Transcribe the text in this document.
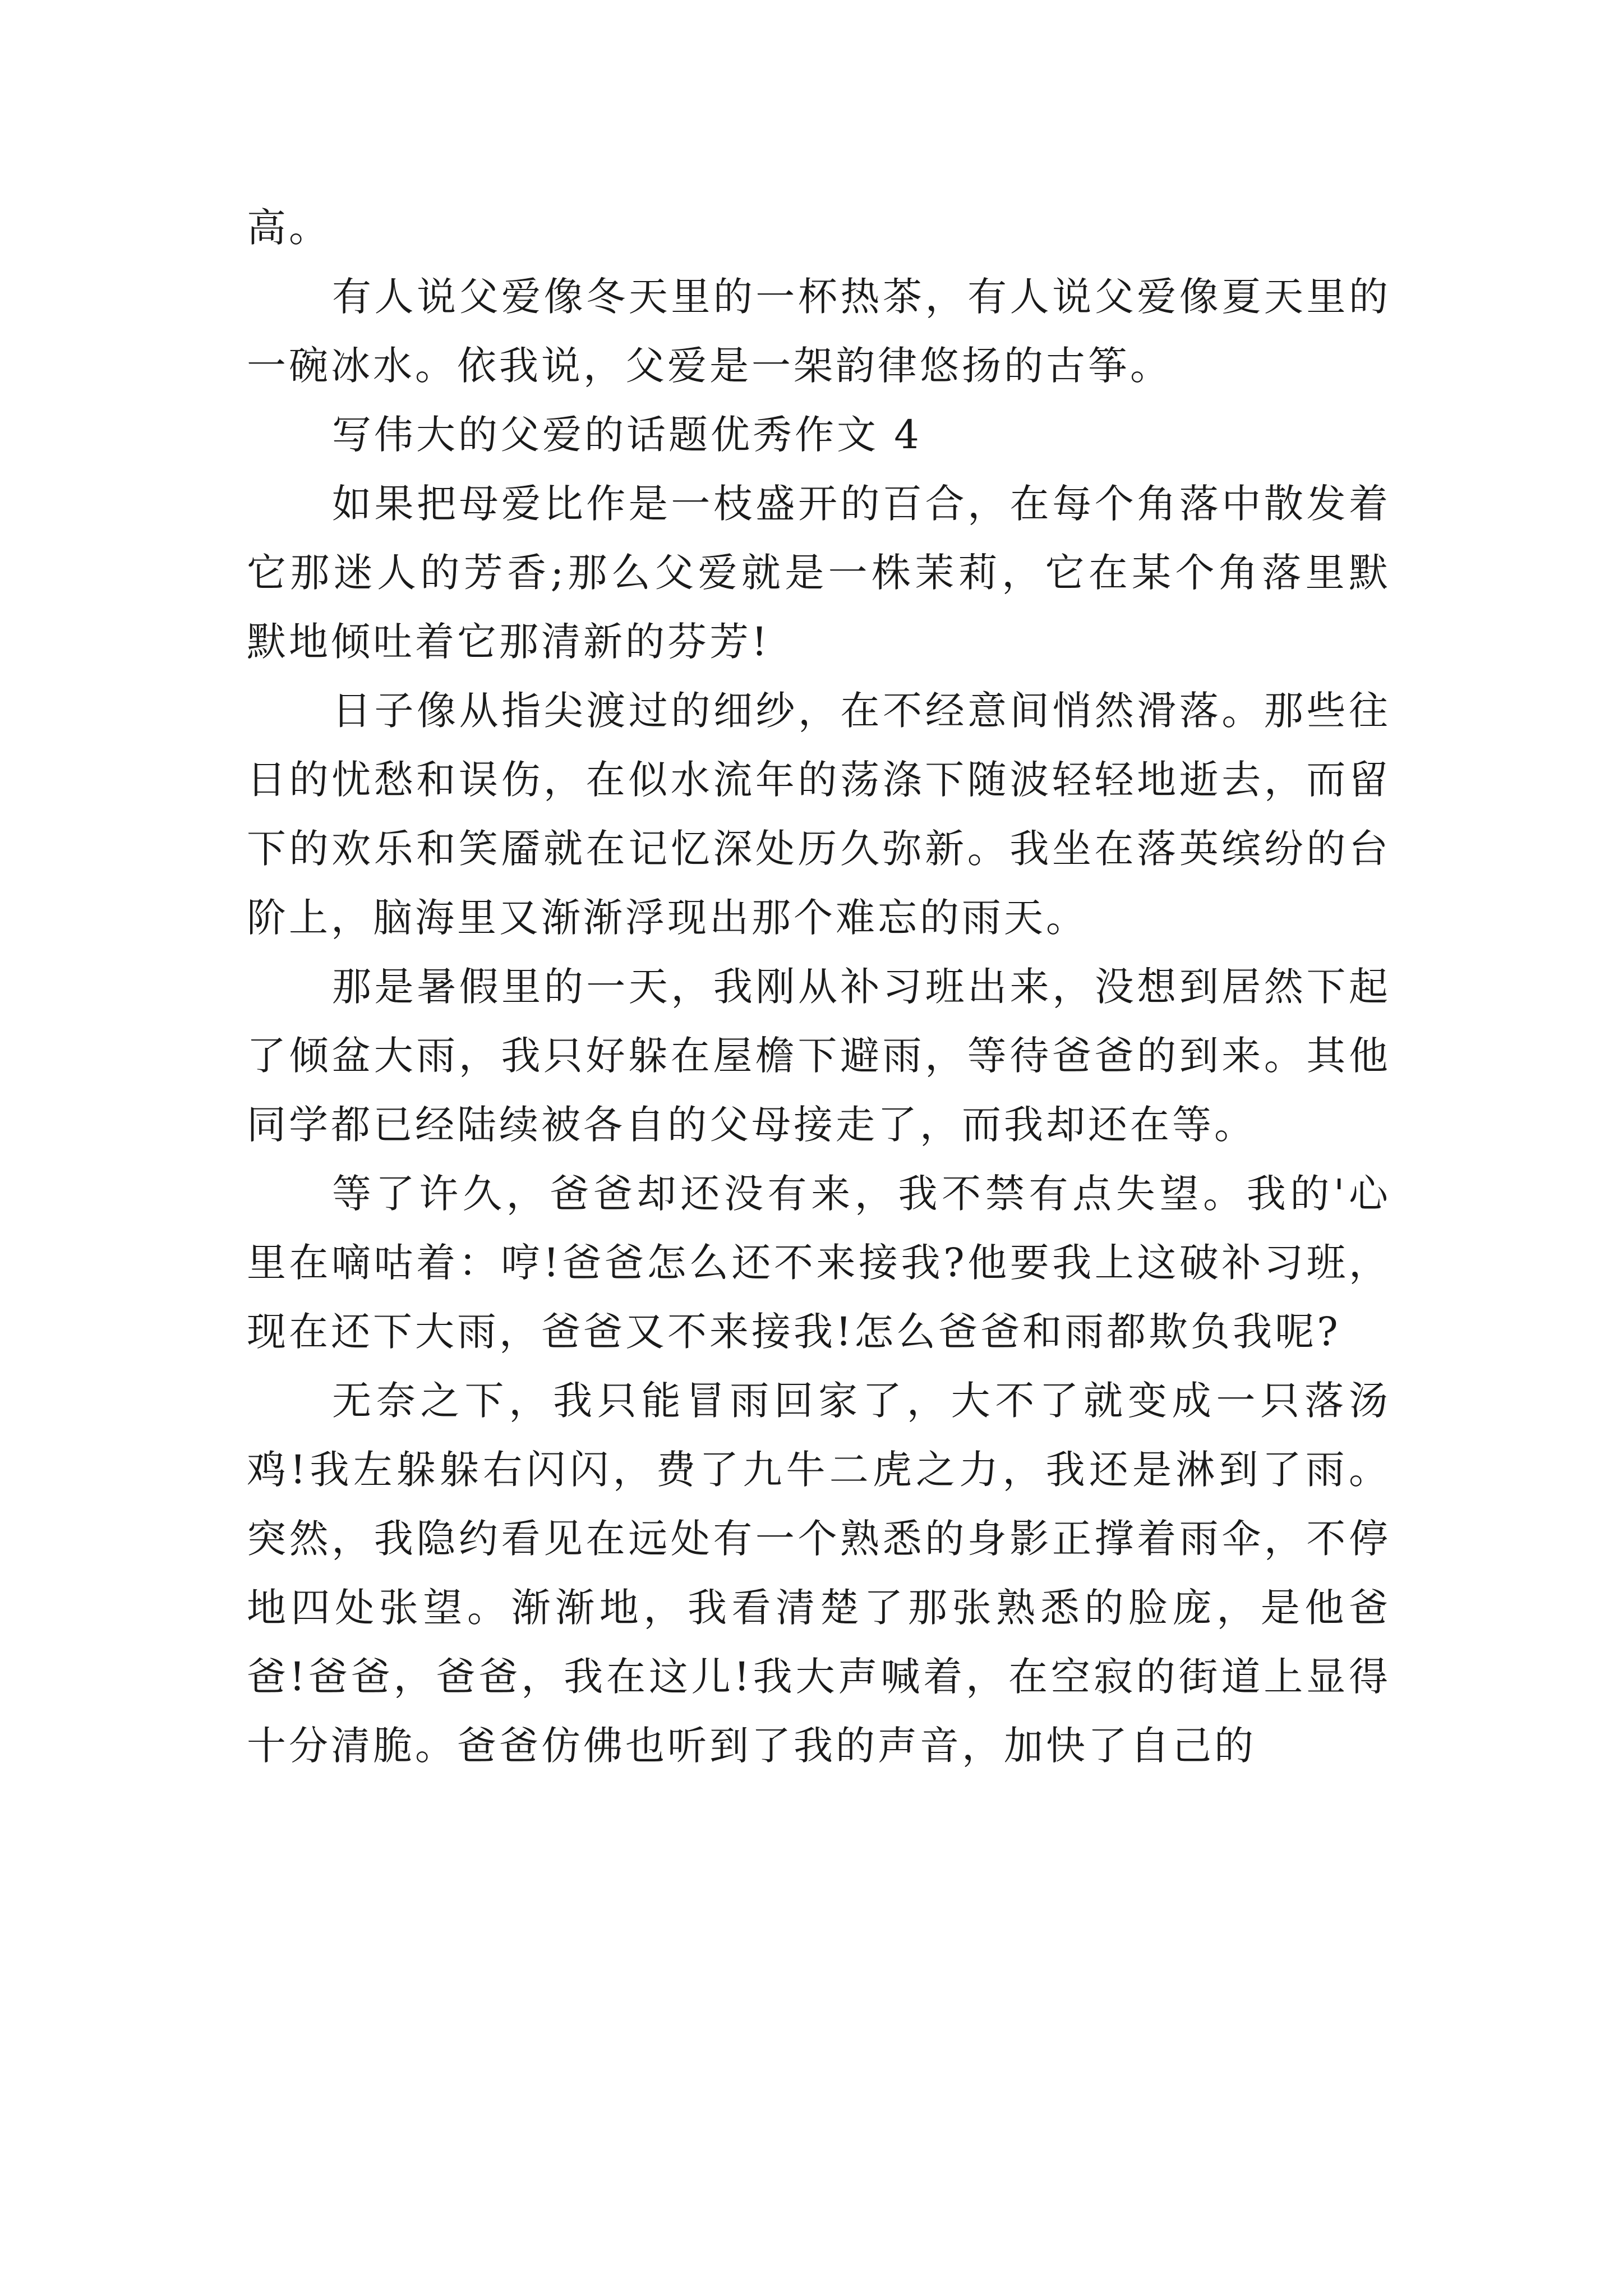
高。

有人说父爱像冬天里的一杯热茶，有人说父爱像夏天里的一碗冰水。依我说，父爱是一架韵律悠扬的古筝。

写伟大的父爱的话题优秀作文 4

如果把母爱比作是一枝盛开的百合，在每个角落中散发着它那迷人的芳香;那么父爱就是一株茉莉，它在某个角落里默默地倾吐着它那清新的芬芳!

日子像从指尖渡过的细纱，在不经意间悄然滑落。那些往日的忧愁和误伤，在似水流年的荡涤下随波轻轻地逝去，而留下的欢乐和笑靥就在记忆深处历久弥新。我坐在落英缤纷的台阶上，脑海里又渐渐浮现出那个难忘的雨天。

那是暑假里的一天，我刚从补习班出来，没想到居然下起了倾盆大雨，我只好躲在屋檐下避雨，等待爸爸的到来。其他同学都已经陆续被各自的父母接走了，而我却还在等。

等了许久，爸爸却还没有来，我不禁有点失望。我的'心里在嘀咕着：哼!爸爸怎么还不来接我?他要我上这破补习班，现在还下大雨，爸爸又不来接我!怎么爸爸和雨都欺负我呢?

无奈之下，我只能冒雨回家了，大不了就变成一只落汤鸡!我左躲躲右闪闪，费了九牛二虎之力，我还是淋到了雨。突然，我隐约看见在远处有一个熟悉的身影正撑着雨伞，不停地四处张望。渐渐地，我看清楚了那张熟悉的脸庞，是他爸爸!爸爸，爸爸，我在这儿!我大声喊着，在空寂的街道上显得十分清脆。爸爸仿佛也听到了我的声音，加快了自己的
